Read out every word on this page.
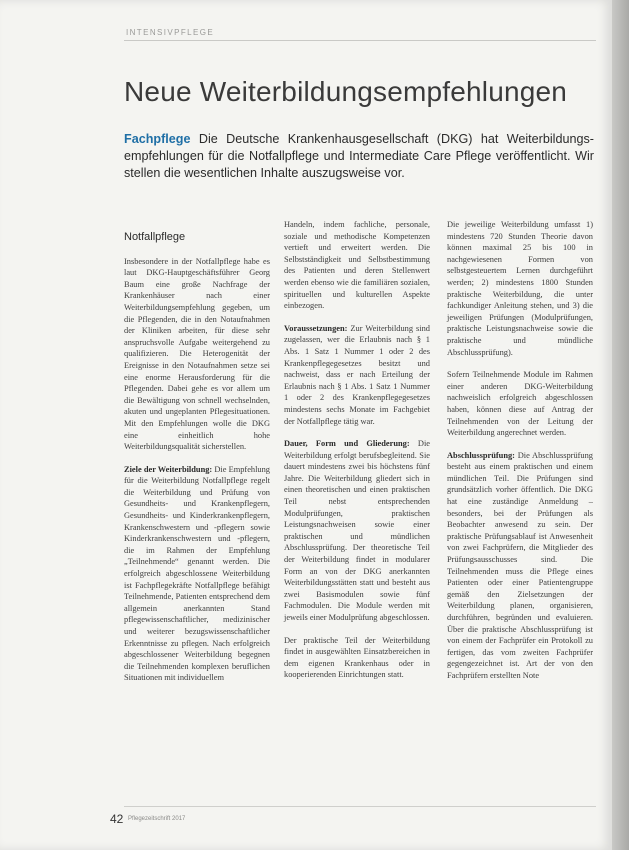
INTENSIVPFLEGE
Neue Weiterbildungsempfehlungen
Fachpflege Die Deutsche Krankenhausgesellschaft (DKG) hat Weiterbildungsempfehlungen für die Notfallpflege und Intermediate Care Pflege veröffentlicht. Wir stellen die wesentlichen Inhalte auszugsweise vor.
Notfallpflege

Insbesondere in der Notfallpflege habe es laut DKG-Hauptgeschäftsführer Georg Baum eine große Nachfrage der Krankenhäuser nach einer Weiterbildungsempfehlung gegeben, um die Pflegenden, die in den Notaufnahmen der Kliniken arbeiten, für diese sehr anspruchsvolle Aufgabe weitergehend zu qualifizieren. Die Heterogenität der Ereignisse in den Notaufnahmen setze sei eine enorme Herausforderung für die Pflegenden. Dabei gehe es vor allem um die Bewältigung von schnell wechselnden, akuten und ungeplanten Pflegesituationen. Mit den Empfehlungen wolle die DKG eine einheitlich hohe Weiterbildungsqualität sicherstellen.

Ziele der Weiterbildung: Die Empfehlung für die Weiterbildung Notfallpflege regelt die Weiterbildung und Prüfung von Gesundheits- und Krankenpflegern, Gesundheits- und Kinderkrankenpflegern, Krankenschwestern und -pflegern sowie Kinderkrankenschwestern und -pflegern, die im Rahmen der Empfehlung „Teilnehmende“ genannt werden. Die erfolgreich abgeschlossene Weiterbildung ist Fachpflegekräfte Notfallpflege befähigt Teilnehmende, Patienten entsprechend dem allgemein anerkannten Stand pflegewissenschaftlicher, medizinischer und weiterer bezugswissenschaftlicher Erkenntnisse zu pflegen. Nach erfolgreich abgeschlossener Weiterbildung begegnen die Teilnehmenden komplexen beruflichen Situationen mit individuellem

Handeln, indem fachliche, personale, soziale und methodische Kompetenzen vertieft und erweitert werden. Die Selbstständigkeit und Selbstbestimmung des Patienten und deren Stellenwert werden ebenso wie die familiären sozialen, spirituellen und kulturellen Aspekte einbezogen.

Voraussetzungen: Zur Weiterbildung sind zugelassen, wer die Erlaubnis nach § 1 Abs. 1 Satz 1 Nummer 1 oder 2 des Krankenpflegegesetzes besitzt und nachweist, dass er nach Erteilung der Erlaubnis nach § 1 Abs. 1 Satz 1 Nummer 1 oder 2 des Krankenpflegegesetzes mindestens sechs Monate im Fachgebiet der Notfallpflege tätig war.

Dauer, Form und Gliederung: Die Weiterbildung erfolgt berufsbegleitend. Sie dauert mindestens zwei bis höchstens fünf Jahre. Die Weiterbildung gliedert sich in einen theoretischen und einen praktischen Teil nebst entsprechenden Modulprüfungen, praktischen Leistungsnachweisen sowie einer praktischen und mündlichen Abschlussprüfung. Der theoretische Teil der Weiterbildung findet in modularer Form an von der DKG anerkannten Weiterbildungsstätten statt und besteht aus zwei Basismodulen sowie fünf Fachmodulen. Die Module werden mit jeweils einer Modulprüfung abgeschlossen.

Der praktische Teil der Weiterbildung findet in ausgewählten Einsatzbereichen in dem eigenen Krankenhaus oder in kooperierenden Einrichtungen statt.

Die jeweilige Weiterbildung umfasst 1) mindestens 720 Stunden Theorie davon können maximal 25 bis 100 in nachgewiesenen Formen von selbstgesteuertem Lernen durchgeführt werden; 2) mindestens 1800 Stunden praktische Weiterbildung, die unter fachkundiger Anleitung stehen, und 3) die jeweiligen Prüfungen (Modulprüfungen, praktische Leistungsnachweise sowie die praktische und mündliche Abschlussprüfung).

Sofern Teilnehmende Module im Rahmen einer anderen DKG-Weiterbildung nachweislich erfolgreich abgeschlossen haben, können diese auf Antrag der Teilnehmenden von der Leitung der Weiterbildung angerechnet werden.

Abschlussprüfung: Die Abschlussprüfung besteht aus einem praktischen und einem mündlichen Teil. Die Prüfungen sind grundsätzlich vorher öffentlich. Die DKG hat eine zuständige Anmeldung – besonders, bei der Prüfungen als Beobachter anwesend zu sein. Der praktische Prüfungsablauf ist Anwesenheit von zwei Fachprüfern, die Mitglieder des Prüfungsausschusses sind. Die Teilnehmenden muss die Pflege eines Patienten oder einer Patientengruppe gemäß den Zielsetzungen der Weiterbildung planen, organisieren, durchführen, begründen und evaluieren. Über die praktische Abschlussprüfung ist von einem der Fachprüfer ein Protokoll zu fertigen, das vom zweiten Fachprüfer gegengezeichnet ist. Art der von den Fachprüfern erstellten Note

42 Pflegezeitschrift 2017
